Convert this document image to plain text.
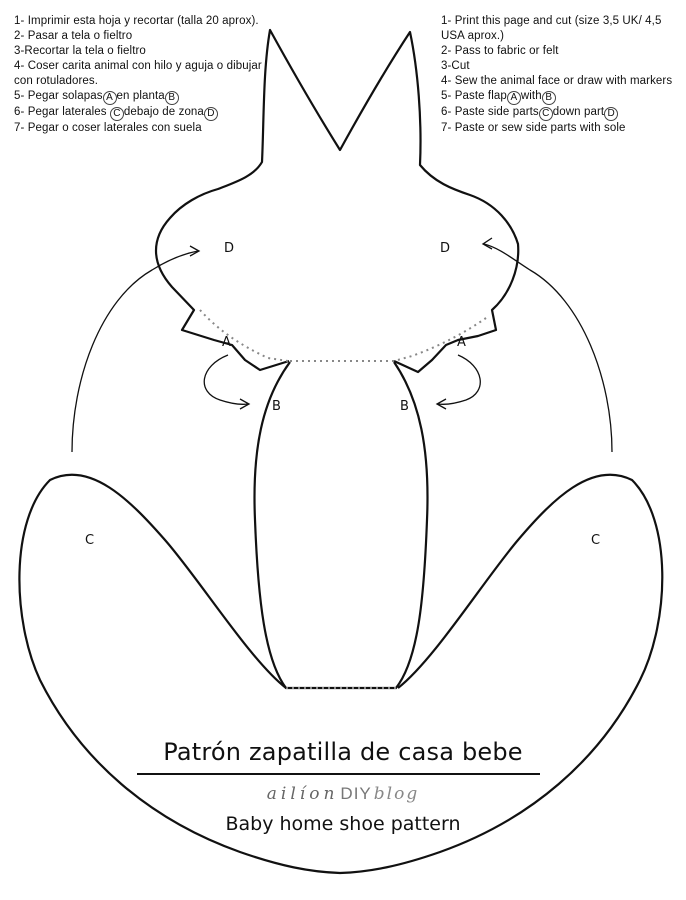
1- Imprimir esta hoja y recortar (talla 20 aprox).
2- Pasar a tela o fieltro
3-Recortar la tela o fieltro
4- Coser carita animal con hilo y aguja o dibujar con rotuladores.
5- Pegar solapas A en planta B
6- Pegar laterales C debajo de zona D
7- Pegar o coser laterales con suela
1- Print this page and cut (size 3,5 UK/ 4,5 USA aprox.)
2- Pass to fabric or felt
3-Cut
4- Sew the animal face or draw with markers
5- Paste flap A with B
6- Paste side parts C down part D
7- Paste or sew side parts with sole
D	D
A	A
B	B
C	C
Patrón zapatilla de casa bebe
ailíon DIY blog
Baby home shoe pattern
